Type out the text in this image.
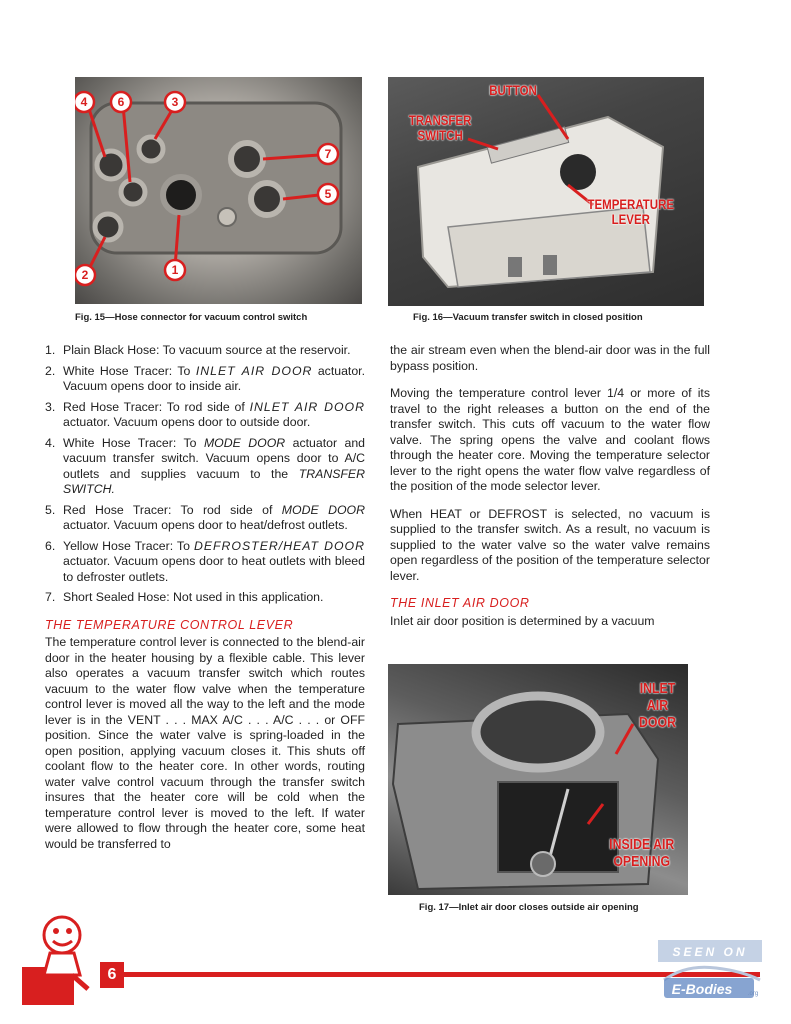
4	6	3
7
5
2	1
Fig. 15—Hose connector for vacuum control switch
BUTTON
TRANSFER
SWITCH
TEMPERATURE
LEVER
Fig. 16—Vacuum transfer switch in closed position
1. Plain Black Hose: To vacuum source at the reservoir.
2. White Hose Tracer: To INLET AIR DOOR actuator. Vacuum opens door to inside air.
3. Red Hose Tracer: To rod side of INLET AIR DOOR actuator. Vacuum opens door to outside door.
4. White Hose Tracer: To MODE DOOR actuator and vacuum transfer switch. Vacuum opens door to A/C outlets and supplies vacuum to the TRANSFER SWITCH.
5. Red Hose Tracer: To rod side of MODE DOOR actuator. Vacuum opens door to heat/defrost outlets.
6. Yellow Hose Tracer: To DEFROSTER/HEAT DOOR actuator. Vacuum opens door to heat outlets with bleed to defroster outlets.
7. Short Sealed Hose: Not used in this application.
THE TEMPERATURE CONTROL LEVER

The temperature control lever is connected to the blend-air door in the heater housing by a flexible cable. This lever also operates a vacuum transfer switch which routes vacuum to the water flow valve when the temperature control lever is moved all the way to the left and the mode lever is in the VENT . . . MAX A/C . . . A/C . . . or OFF position. Since the water valve is spring-loaded in the open position, applying vacuum closes it. This shuts off coolant flow to the heater core. In other words, routing water valve control vacuum through the transfer switch insures that the heater core will be cold when the temperature control lever is moved to the left. If water were allowed to flow through the heater core, some heat would be transferred to

the air stream even when the blend-air door was in the full bypass position.

Moving the temperature control lever 1/4 or more of its travel to the right releases a button on the end of the transfer switch. This cuts off vacuum to the water flow valve. The spring opens the valve and coolant flows through the heater core. Moving the temperature selector lever to the right opens the water flow valve regardless of the position of the mode selector lever.

When HEAT or DEFROST is selected, no vacuum is supplied to the transfer switch. As a result, no vacuum is supplied to the water valve so the water valve remains open regardless of the position of the temperature selector lever.

THE INLET AIR DOOR

Inlet air door position is determined by a vacuum

INLET
AIR
DOOR
INSIDE AIR
OPENING
Fig. 17—Inlet air door closes outside air opening
6
SEEN ON
E-Bodies	.org
